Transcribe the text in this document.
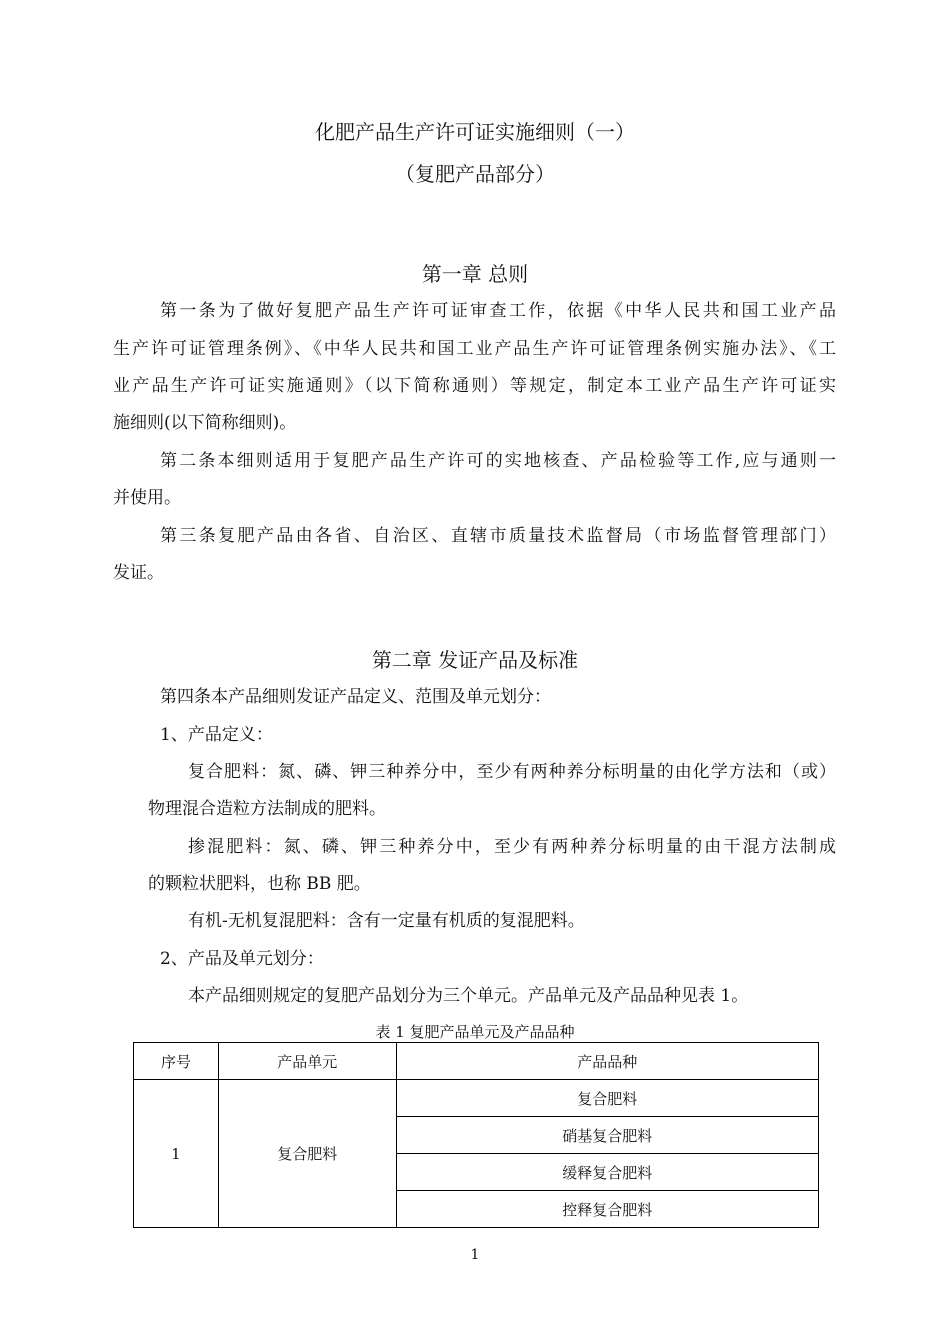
化肥产品生产许可证实施细则（一）
（复肥产品部分）
第一章 总则
第一条为了做好复肥产品生产许可证审查工作，依据《中华人民共和国工业产品
生产许可证管理条例》、《中华人民共和国工业产品生产许可证管理条例实施办法》、《工
业产品生产许可证实施通则》（以下简称通则）等规定，制定本工业产品生产许可证实
施细则(以下简称细则)。
第二条本细则适用于复肥产品生产许可的实地核查、产品检验等工作,应与通则一
并使用。
第三条复肥产品由各省、自治区、直辖市质量技术监督局（市场监督管理部门）
发证。
第二章 发证产品及标准
第四条本产品细则发证产品定义、范围及单元划分：
1、产品定义：
复合肥料：氮、磷、钾三种养分中，至少有两种养分标明量的由化学方法和（或）
物理混合造粒方法制成的肥料。
掺混肥料：氮、磷、钾三种养分中，至少有两种养分标明量的由干混方法制成
的颗粒状肥料，也称 BB 肥。
有机-无机复混肥料：含有一定量有机质的复混肥料。
2、产品及单元划分：
本产品细则规定的复肥产品划分为三个单元。产品单元及产品品种见表 1。
表 1 复肥产品单元及产品品种
序号	产品单元	产品品种
1	复合肥料	复合肥料
		硝基复合肥料
		缓释复合肥料
		控释复合肥料
1
